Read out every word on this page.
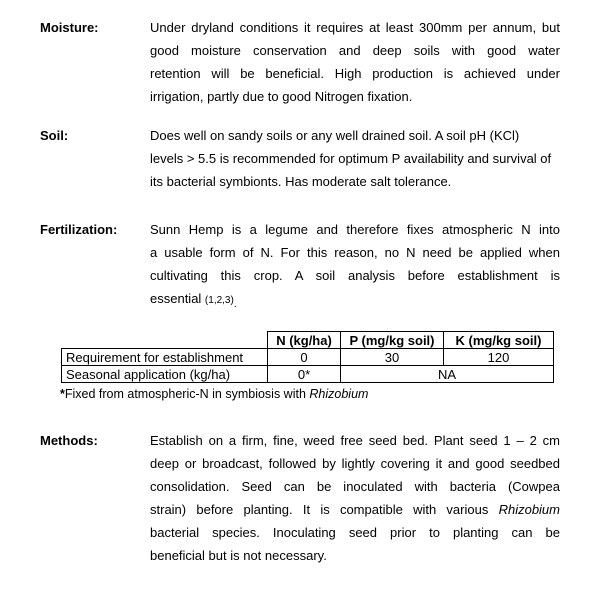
Moisture:	Under dryland conditions it requires at least 300mm per annum, but
good moisture conservation and deep soils with good water
retention will be beneficial. High production is achieved under
irrigation, partly due to good Nitrogen fixation.
Soil:	Does well on sandy soils or any well drained soil. A soil pH (KCl)
levels > 5.5 is recommended for optimum P availability and survival of
its bacterial symbionts. Has moderate salt tolerance.
Fertilization:	Sunn Hemp is a legume and therefore fixes atmospheric N into
a usable form of N. For this reason, no N need be applied when
cultivating this crop. A soil analysis before establishment is
essential $(1,2,3)_.$
	N (kg/ha)	P (mg/kg soil)	K (mg/kg soil)
Requirement for establishment	0	30	120
Seasonal application (kg/ha)	0*	NA	
*Fixed from atmospheric-N in symbiosis with Rhizobium
Methods:	Establish on a firm, fine, weed free seed bed. Plant seed 1 – 2 cm
deep or broadcast, followed by lightly covering it and good seedbed
consolidation. Seed can be inoculated with bacteria (Cowpea
strain) before planting. It is compatible with various Rhizobium
bacterial species. Inoculating seed prior to planting can be
beneficial but is not necessary.
